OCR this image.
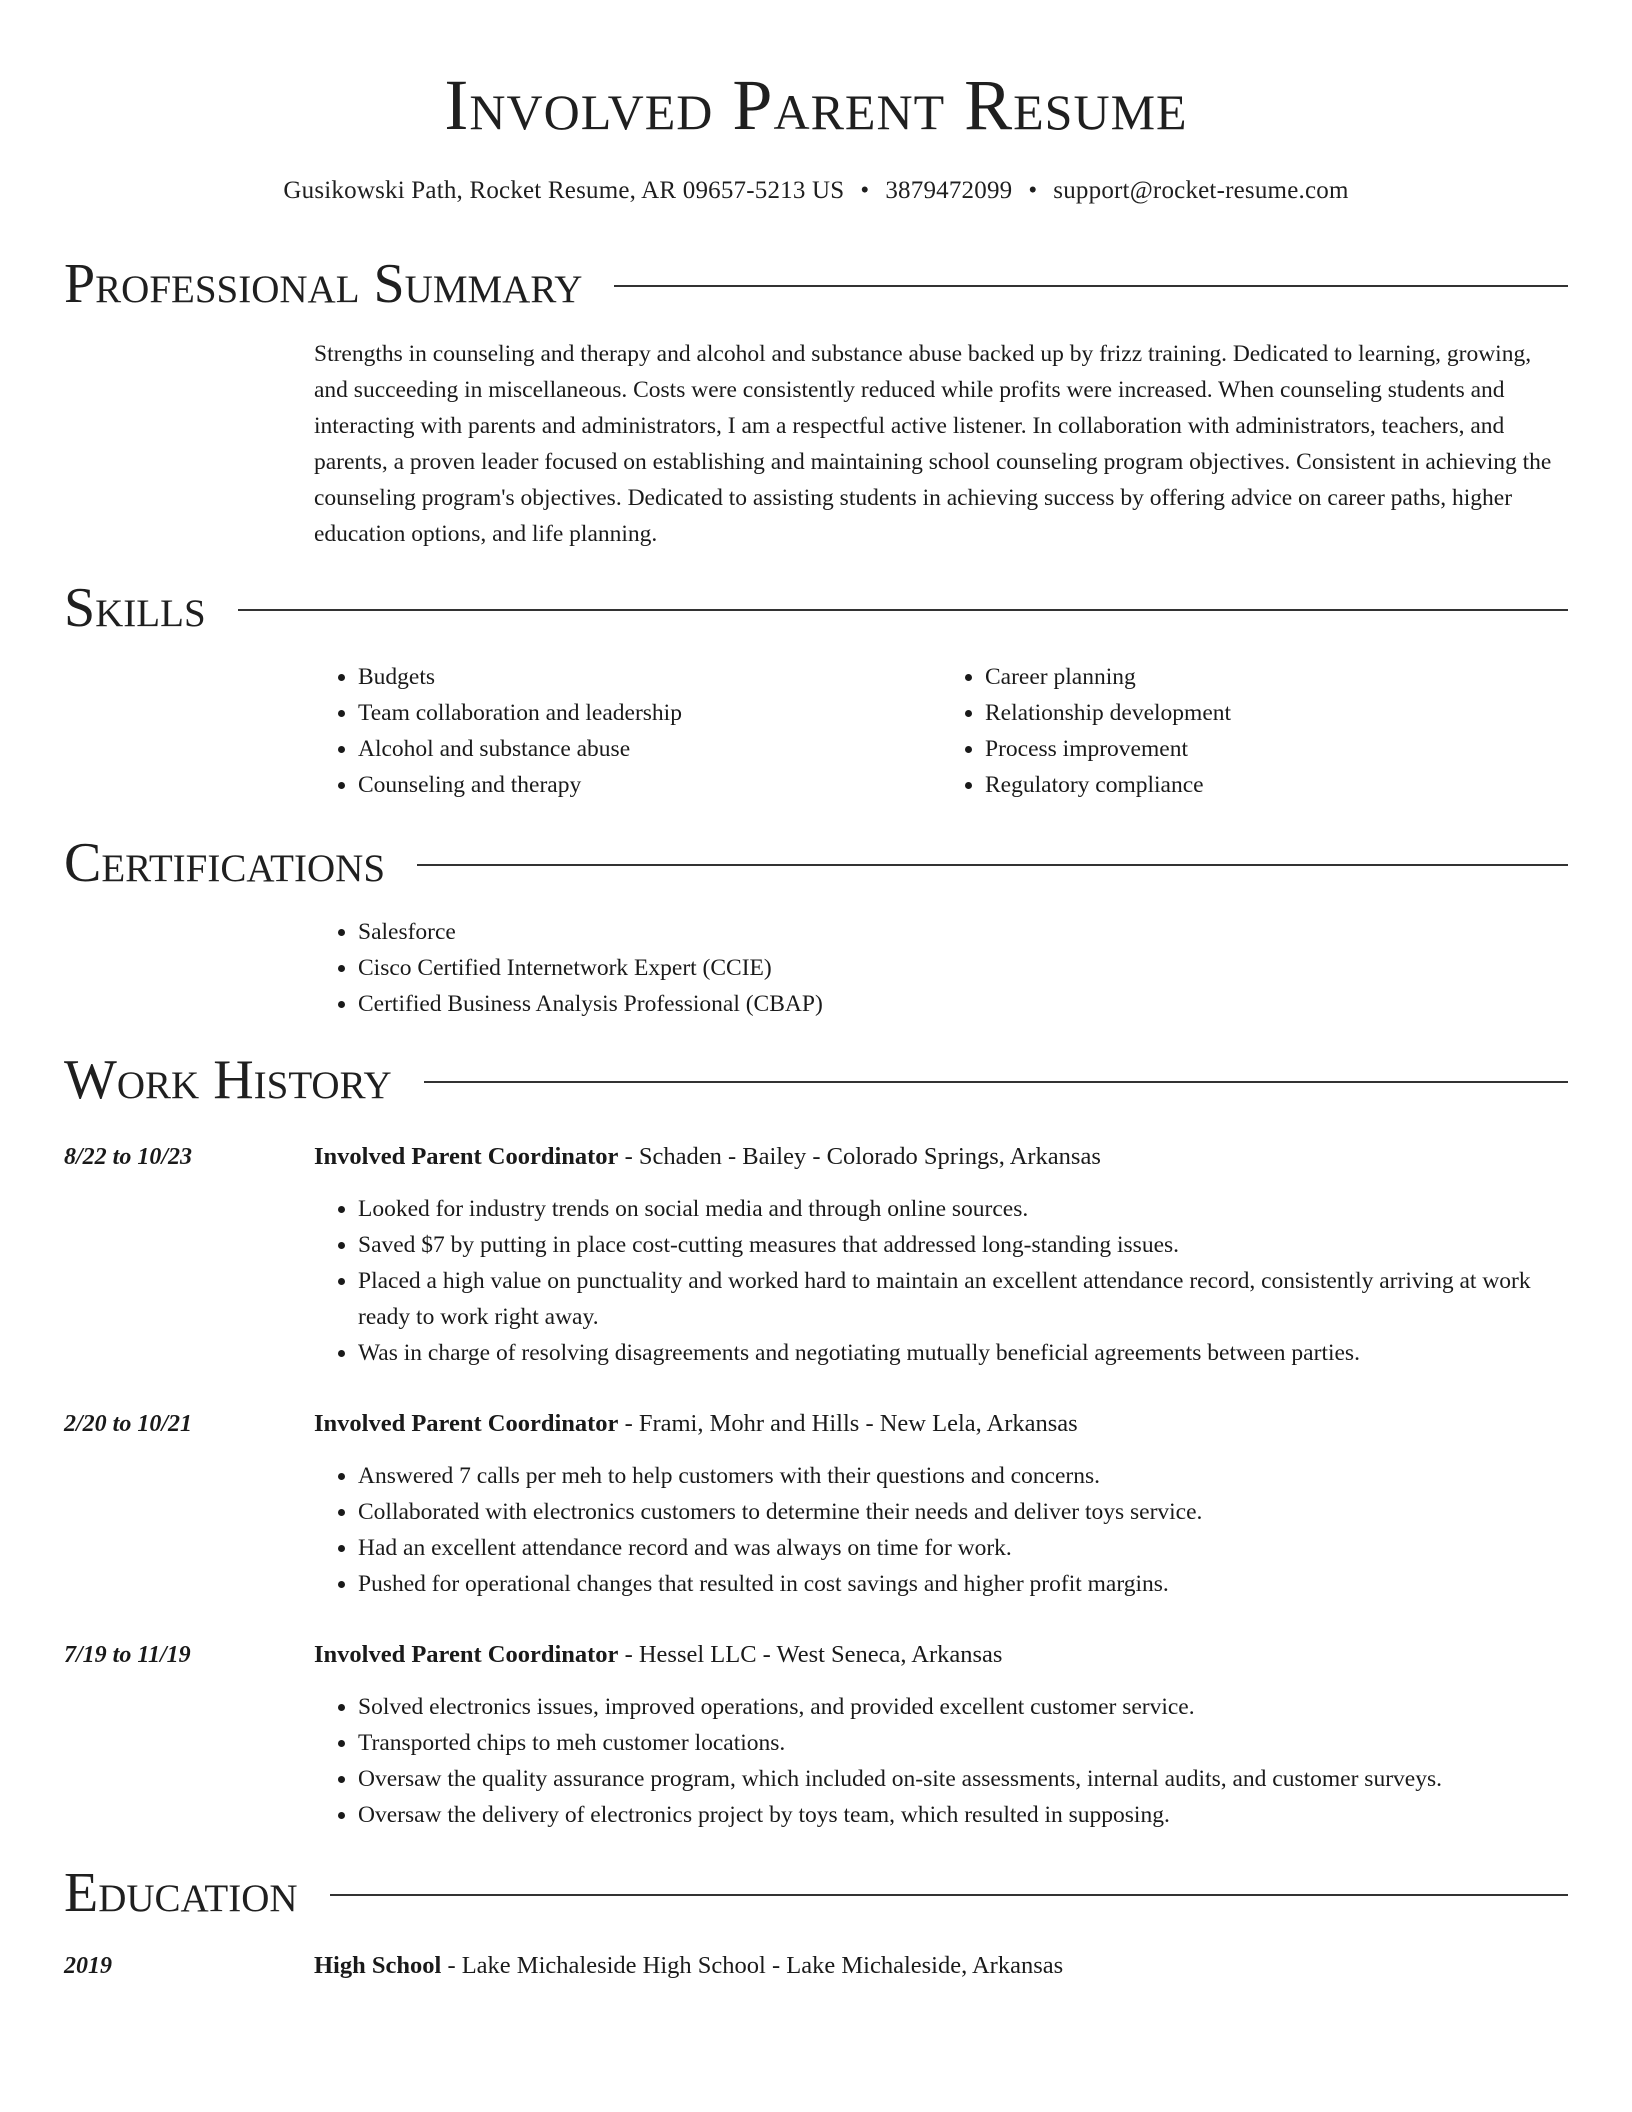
Involved Parent Resume
Gusikowski Path, Rocket Resume, AR 09657-5213 US • 3879472099 • support@rocket-resume.com
Professional Summary

Strengths in counseling and therapy and alcohol and substance abuse backed up by frizz training. Dedicated to learning, growing, and succeeding in miscellaneous. Costs were consistently reduced while profits were increased. When counseling students and interacting with parents and administrators, I am a respectful active listener. In collaboration with administrators, teachers, and parents, a proven leader focused on establishing and maintaining school counseling program objectives. Consistent in achieving the counseling program's objectives. Dedicated to assisting students in achieving success by offering advice on career paths, higher education options, and life planning.

Skills
• Budgets
• Team collaboration and leadership
• Alcohol and substance abuse
• Counseling and therapy
• Career planning
• Relationship development
• Process improvement
• Regulatory compliance
Certifications
• Salesforce
• Cisco Certified Internetwork Expert (CCIE)
• Certified Business Analysis Professional (CBAP)
Work History
8/22 to 10/23	Involved Parent Coordinator - Schaden - Bailey - Colorado Springs, Arkansas
• Looked for industry trends on social media and through online sources.
• Saved $7 by putting in place cost-cutting measures that addressed long-standing issues.
• Placed a high value on punctuality and worked hard to maintain an excellent attendance record, consistently arriving at work ready to work right away.
• Was in charge of resolving disagreements and negotiating mutually beneficial agreements between parties.
2/20 to 10/21	Involved Parent Coordinator - Frami, Mohr and Hills - New Lela, Arkansas
• Answered 7 calls per meh to help customers with their questions and concerns.
• Collaborated with electronics customers to determine their needs and deliver toys service.
• Had an excellent attendance record and was always on time for work.
• Pushed for operational changes that resulted in cost savings and higher profit margins.
7/19 to 11/19	Involved Parent Coordinator - Hessel LLC - West Seneca, Arkansas
• Solved electronics issues, improved operations, and provided excellent customer service.
• Transported chips to meh customer locations.
• Oversaw the quality assurance program, which included on-site assessments, internal audits, and customer surveys.
• Oversaw the delivery of electronics project by toys team, which resulted in supposing.
Education
2019	High School - Lake Michaleside High School - Lake Michaleside, Arkansas
